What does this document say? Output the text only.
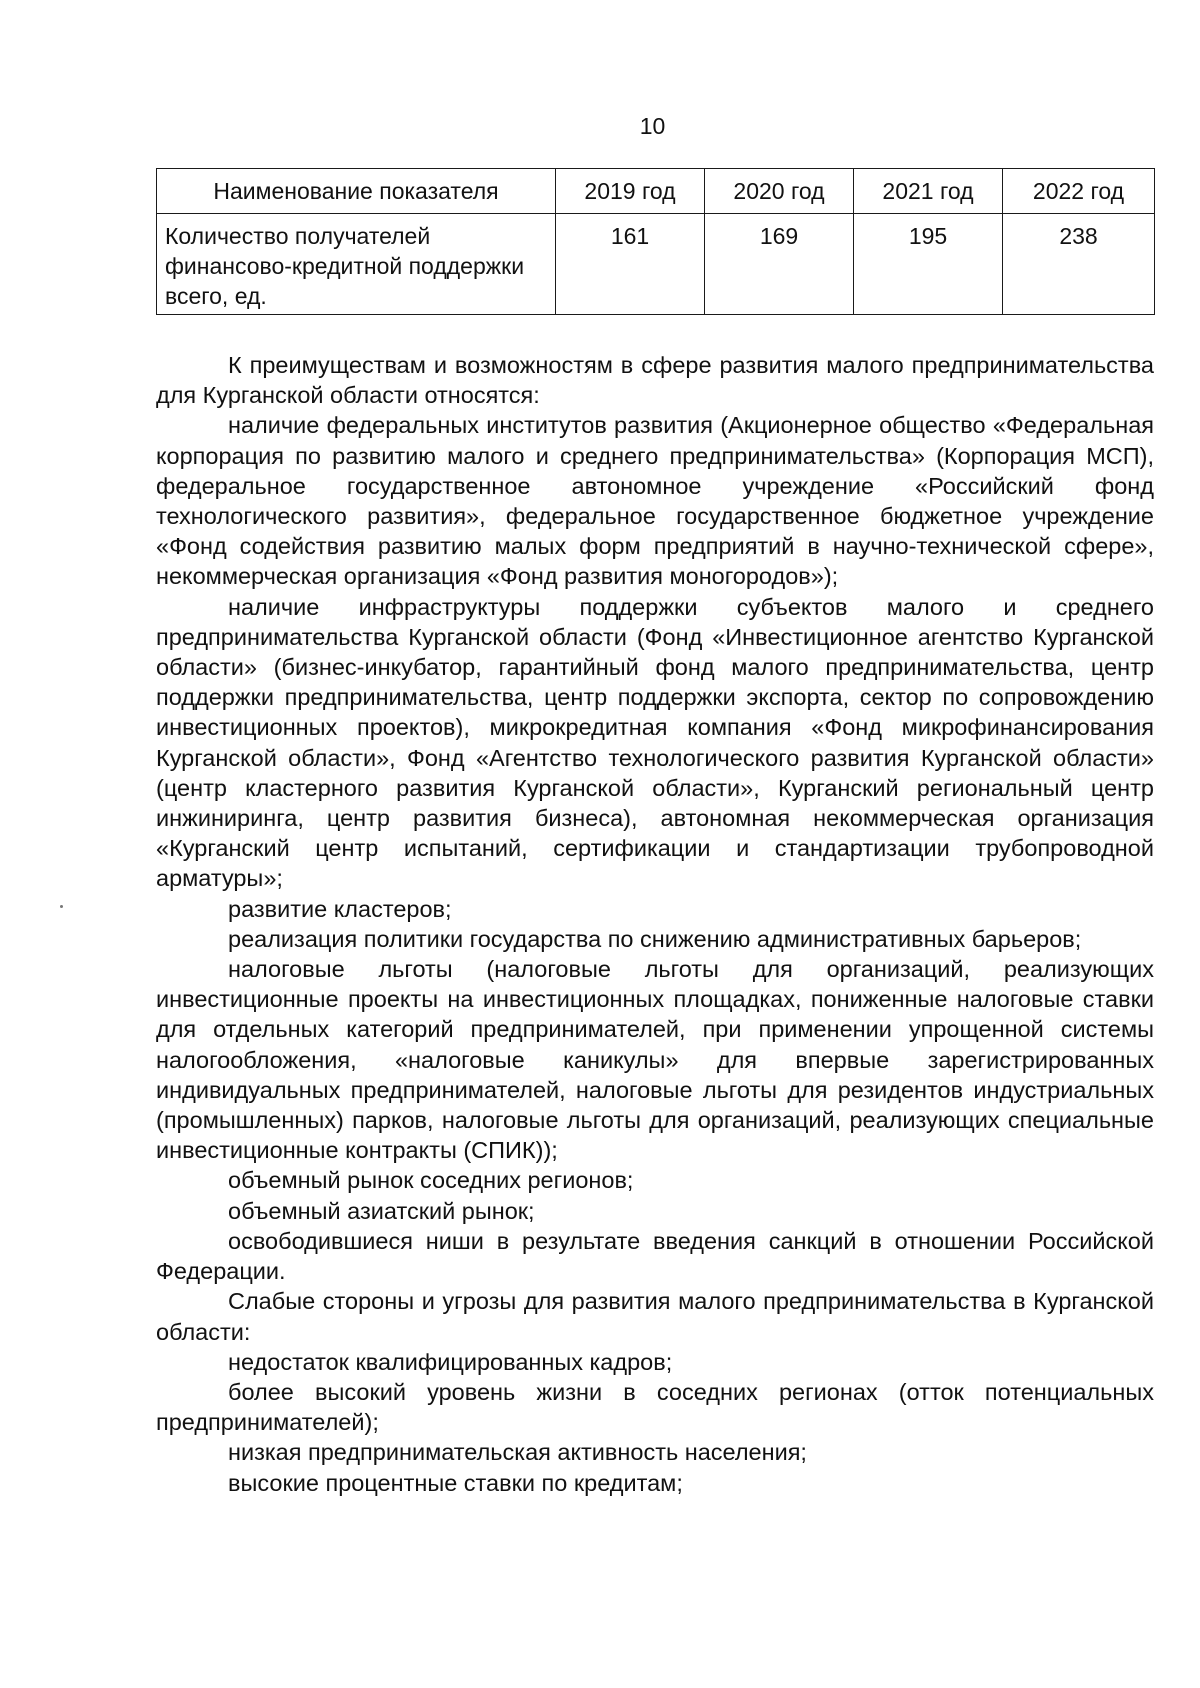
10
Наименование показателя	2019 год	2020 год	2021 год	2022 год
Количество получателей финансово-кредитной поддержки всего, ед.	161	169	195	238

К преимуществам и возможностям в сфере развития малого предпринимательства для Курганской области относятся:

наличие федеральных институтов развития (Акционерное общество «Федеральная корпорация по развитию малого и среднего предпринимательства» (Корпорация МСП), федеральное государственное автономное учреждение «Российский фонд технологического развития», федеральное государственное бюджетное учреждение «Фонд содействия развитию малых форм предприятий в научно-технической сфере», некоммерческая организация «Фонд развития моногородов»);

наличие инфраструктуры поддержки субъектов малого и среднего предпринимательства Курганской области (Фонд «Инвестиционное агентство Курганской области» (бизнес-инкубатор, гарантийный фонд малого предпринимательства, центр поддержки предпринимательства, центр поддержки экспорта, сектор по сопровождению инвестиционных проектов), микрокредитная компания «Фонд микрофинансирования Курганской области», Фонд «Агентство технологического развития Курганской области» (центр кластерного развития Курганской области», Курганский региональный центр инжиниринга, центр развития бизнеса), автономная некоммерческая организация «Курганский центр испытаний, сертификации и стандартизации трубопроводной арматуры»;

развитие кластеров;

реализация политики государства по снижению административных барьеров;

налоговые льготы (налоговые льготы для организаций, реализующих инвестиционные проекты на инвестиционных площадках, пониженные налоговые ставки для отдельных категорий предпринимателей, при применении упрощенной системы налогообложения, «налоговые каникулы» для впервые зарегистрированных индивидуальных предпринимателей, налоговые льготы для резидентов индустриальных (промышленных) парков, налоговые льготы для организаций, реализующих специальные инвестиционные контракты (СПИК));

объемный рынок соседних регионов;

объемный азиатский рынок;

освободившиеся ниши в результате введения санкций в отношении Российской Федерации.

Слабые стороны и угрозы для развития малого предпринимательства в Курганской области:

недостаток квалифицированных кадров;

более высокий уровень жизни в соседних регионах (отток потенциальных предпринимателей);

низкая предпринимательская активность населения;

высокие процентные ставки по кредитам;
